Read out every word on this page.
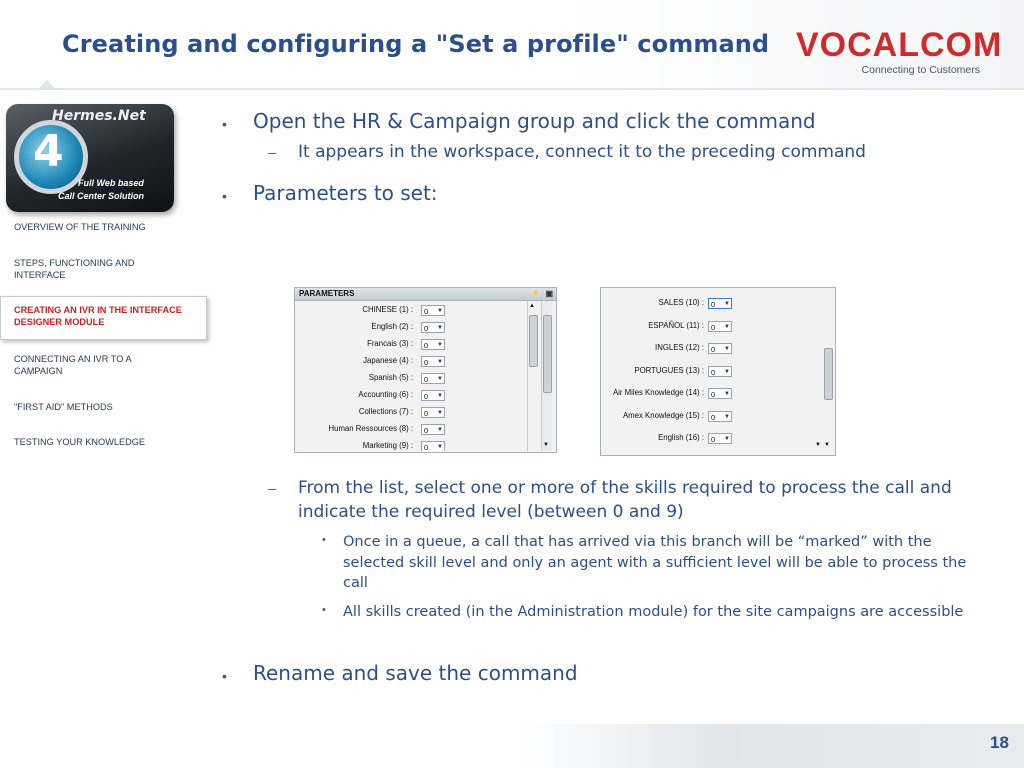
Creating and configuring a "Set a profile" command VOCALCOM
Connecting to Customers
4
Hermes.Net
Full Web based
Call Center Solution
OVERVIEW OF THE TRAINING
STEPS, FUNCTIONING AND INTERFACE
CREATING AN IVR IN THE INTERFACE DESIGNER MODULE
CONNECTING AN IVR TO A CAMPAIGN
"FIRST AID" METHODS
TESTING YOUR KNOWLEDGE
• Open the HR & Campaign group and click the command
– It appears in the workspace, connect it to the preceding command
• Parameters to set:
PARAMETERS	⚡ ▣
CHINESE (1) :	0 ▼
English (2) :	0 ▼
Francais (3) :	0 ▼
Japanese (4) :	0 ▼
Spanish (5) :	0 ▼
Accounting (6) :	0 ▼
Collections (7) :	0 ▼
Human Ressources (8) :	0 ▼
Marketing (9) :	0 ▼
▲
▼
SALES (10) : 0 ▼
ESPAÑOL (11) : 0 ▼
INGLES (12) : 0 ▼
PORTUGUES (13) : 0 ▼
Air Miles Knowledge (14) : 0 ▼
Amex Knowledge (15) : 0 ▼
English (16) : 0 ▼
▼ ▼
– From the list, select one or more of the skills required to process the call and indicate the required level (between 0 and 9)
• Once in a queue, a call that has arrived via this branch will be “marked” with the selected skill level and only an agent with a sufficient level will be able to process the call
• All skills created (in the Administration module) for the site campaigns are accessible
• Rename and save the command
18
